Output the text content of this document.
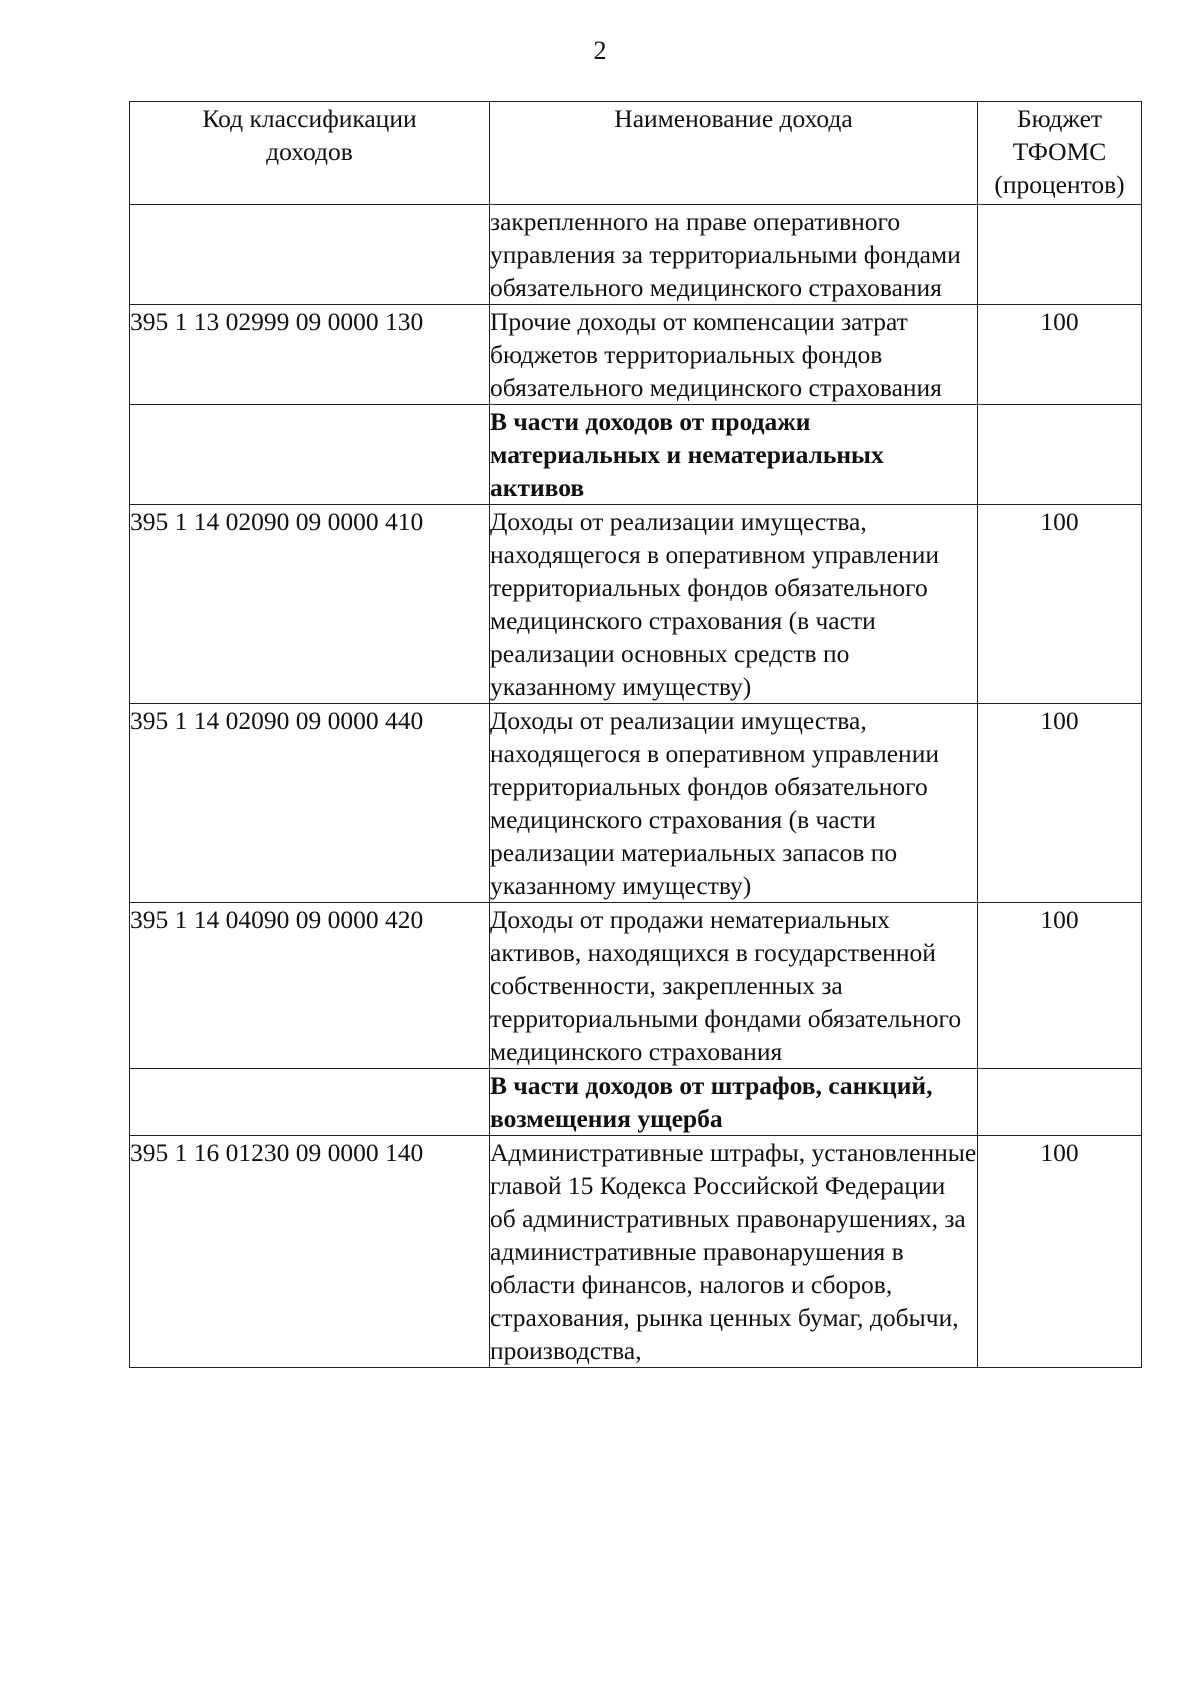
2
Код классификации доходов	Наименование дохода	Бюджет ТФОМС (процентов)

	закрепленного на праве оперативного управления за территориальными фондами обязательного медицинского страхования	
395 1 13 02999 09 0000 130	Прочие доходы от компенсации затрат бюджетов территориальных фондов обязательного медицинского страхования	100
	В части доходов от продажи материальных и нематериальных активов	
395 1 14 02090 09 0000 410	Доходы от реализации имущества, находящегося в оперативном управлении территориальных фондов обязательного медицинского страхования (в части реализации основных средств по указанному имуществу)	100
395 1 14 02090 09 0000 440	Доходы от реализации имущества, находящегося в оперативном управлении территориальных фондов обязательного медицинского страхования (в части реализации материальных запасов по указанному имуществу)	100
395 1 14 04090 09 0000 420	Доходы от продажи нематериальных активов, находящихся в государственной собственности, закрепленных за территориальными фондами обязательного медицинского страхования	100
	В части доходов от штрафов, санкций, возмещения ущерба	
395 1 16 01230 09 0000 140	Административные штрафы, установленные главой 15 Кодекса Российской Федерации об административных правонарушениях, за административные правонарушения в области финансов, налогов и сборов, страхования, рынка ценных бумаг, добычи, производства,	100
